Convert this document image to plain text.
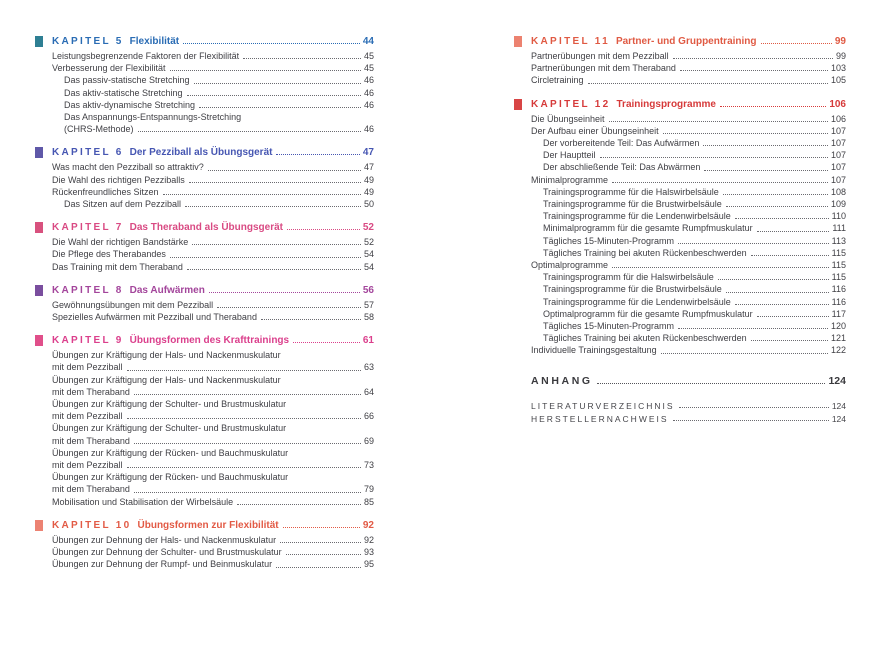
KAPITEL 5 Flexibilität	44
Leistungsbegrenzende Faktoren der Flexibilität	45
Verbesserung der Flexibilität	45
Das passiv-statische Stretching	46
Das aktiv-statische Stretching	46
Das aktiv-dynamische Stretching	46
Das Anspannungs-Entspannungs-Stretching
(CHRS-Methode)	46
KAPITEL 6 Der Pezziball als Übungsgerät	47
Was macht den Pezziball so attraktiv?	47
Die Wahl des richtigen Pezziballs	49
Rückenfreundliches Sitzen	49
Das Sitzen auf dem Pezziball	50
KAPITEL 7 Das Theraband als Übungsgerät	52
Die Wahl der richtigen Bandstärke	52
Die Pflege des Therabandes	54
Das Training mit dem Theraband	54
KAPITEL 8 Das Aufwärmen	56
Gewöhnungsübungen mit dem Pezziball	57
Spezielles Aufwärmen mit Pezziball und Theraband	58
KAPITEL 9 Übungsformen des Krafttrainings	61
Übungen zur Kräftigung der Hals- und Nackenmuskulatur
mit dem Pezziball	63
Übungen zur Kräftigung der Hals- und Nackenmuskulatur
mit dem Theraband	64
Übungen zur Kräftigung der Schulter- und Brustmuskulatur
mit dem Pezziball	66
Übungen zur Kräftigung der Schulter- und Brustmuskulatur
mit dem Theraband	69
Übungen zur Kräftigung der Rücken- und Bauchmuskulatur
mit dem Pezziball	73
Übungen zur Kräftigung der Rücken- und Bauchmuskulatur
mit dem Theraband	79
Mobilisation und Stabilisation der Wirbelsäule	85
KAPITEL 10 Übungsformen zur Flexibilität	92
Übungen zur Dehnung der Hals- und Nackenmuskulatur	92
Übungen zur Dehnung der Schulter- und Brustmuskulatur	93
Übungen zur Dehnung der Rumpf- und Beinmuskulatur	95
KAPITEL 11 Partner- und Gruppentraining	99
Partnerübungen mit dem Pezziball	99
Partnerübungen mit dem Theraband	103
Circletraining	105
KAPITEL 12 Trainingsprogramme	106
Die Übungseinheit	106
Der Aufbau einer Übungseinheit	107
Der vorbereitende Teil: Das Aufwärmen	107
Der Hauptteil	107
Der abschließende Teil: Das Abwärmen	107
Minimalprogramme	107
Trainingsprogramme für die Halswirbelsäule	108
Trainingsprogramme für die Brustwirbelsäule	109
Trainingsprogramme für die Lendenwirbelsäule	110
Minimalprogramm für die gesamte Rumpfmuskulatur	111
Tägliches 15-Minuten-Programm	113
Tägliches Training bei akuten Rückenbeschwerden	115
Optimalprogramme	115
Trainingsprogramm für die Halswirbelsäule	115
Trainingsprogramme für die Brustwirbelsäule	116
Trainingsprogramme für die Lendenwirbelsäule	116
Optimalprogramm für die gesamte Rumpfmuskulatur	117
Tägliches 15-Minuten-Programm	120
Tägliches Training bei akuten Rückenbeschwerden	121
Individuelle Trainingsgestaltung	122
ANHANG	124
LITERATURVERZEICHNIS	124
HERSTELLERNACHWEIS	124
